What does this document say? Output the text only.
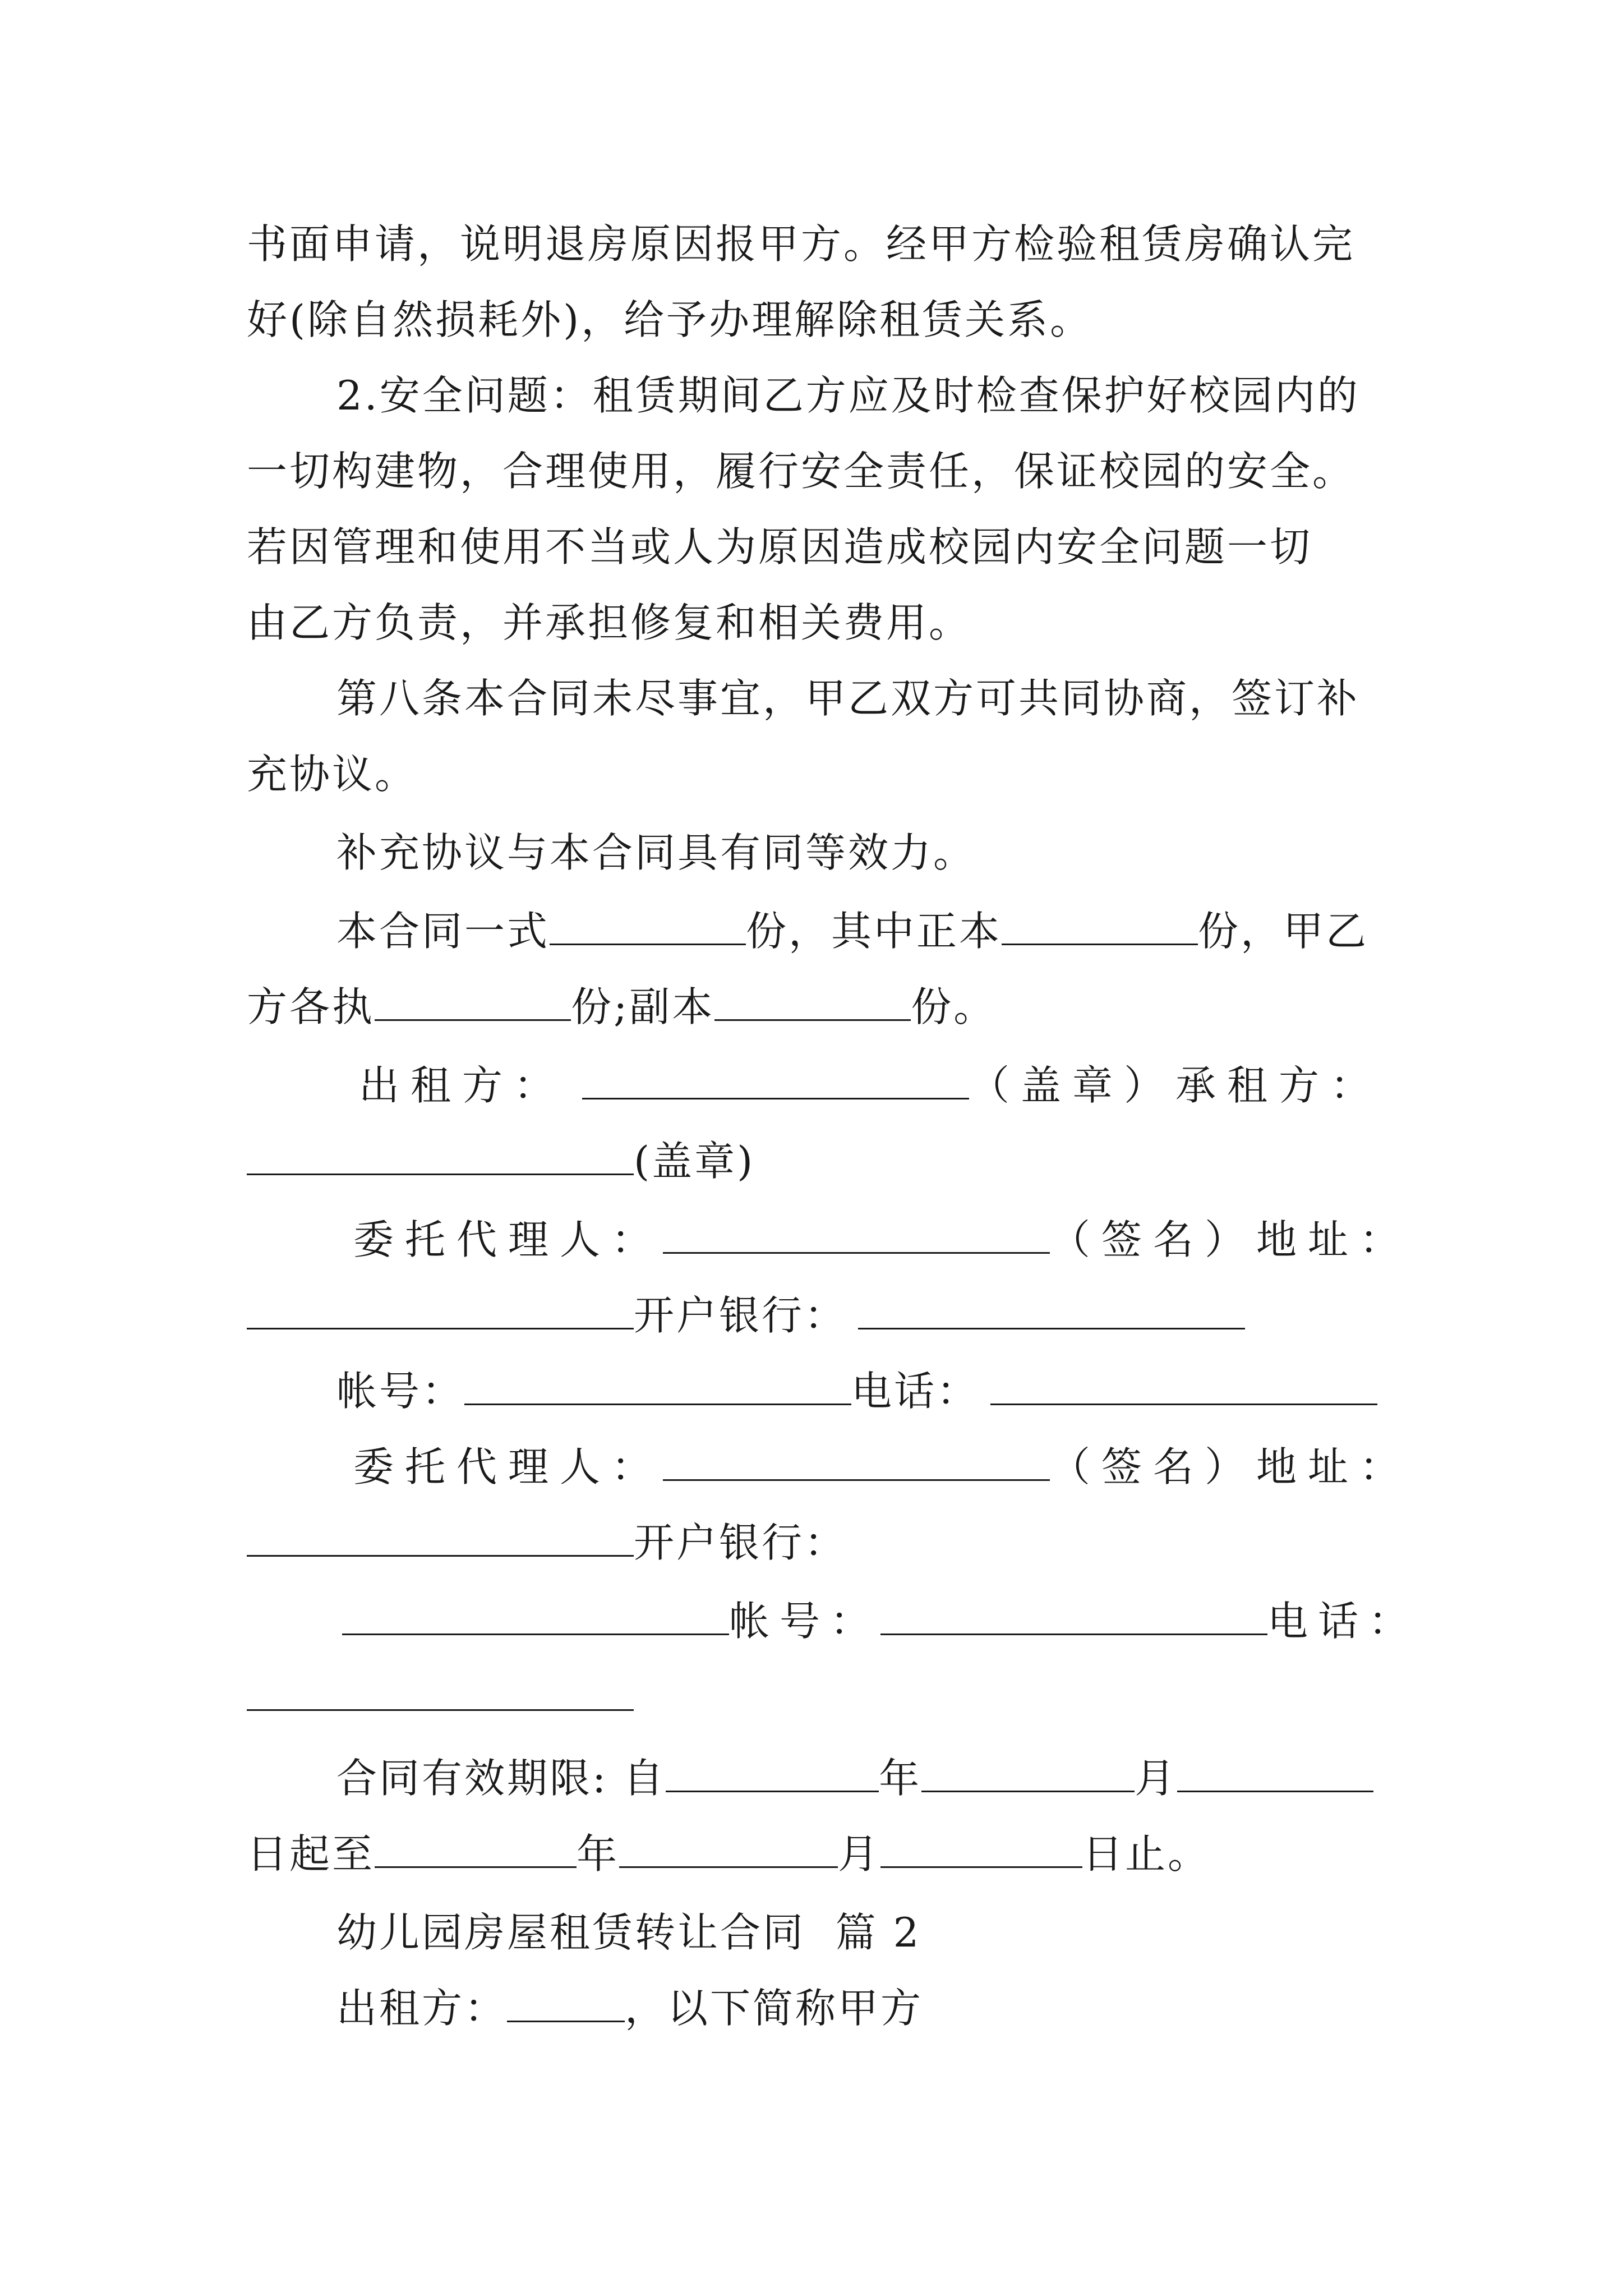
书面申请，说明退房原因报甲方。经甲方检验租赁房确认完
好(除自然损耗外)，给予办理解除租赁关系。
2.安全问题：租赁期间乙方应及时检查保护好校园内的
一切构建物，合理使用，履行安全责任，保证校园的安全。
若因管理和使用不当或人为原因造成校园内安全问题一切
由乙方负责，并承担修复和相关费用。
第八条本合同未尽事宜，甲乙双方可共同协商，签订补
充协议。
补充协议与本合同具有同等效力。
本合同一式	份，其中正本	份，甲乙
方各执	份;副本	份。
出租方：	（盖章）承租方：
(盖章)
委托代理人：	（签名）地址：
开户银行：
帐号：	电话：
委托代理人：	（签名）地址：
开户银行：
帐号：	电话：
合同有效期限: 自	年	月
日起至	年	月	日止。
幼儿园房屋租赁转让合同  篇 2
出租方：	，以下简称甲方
